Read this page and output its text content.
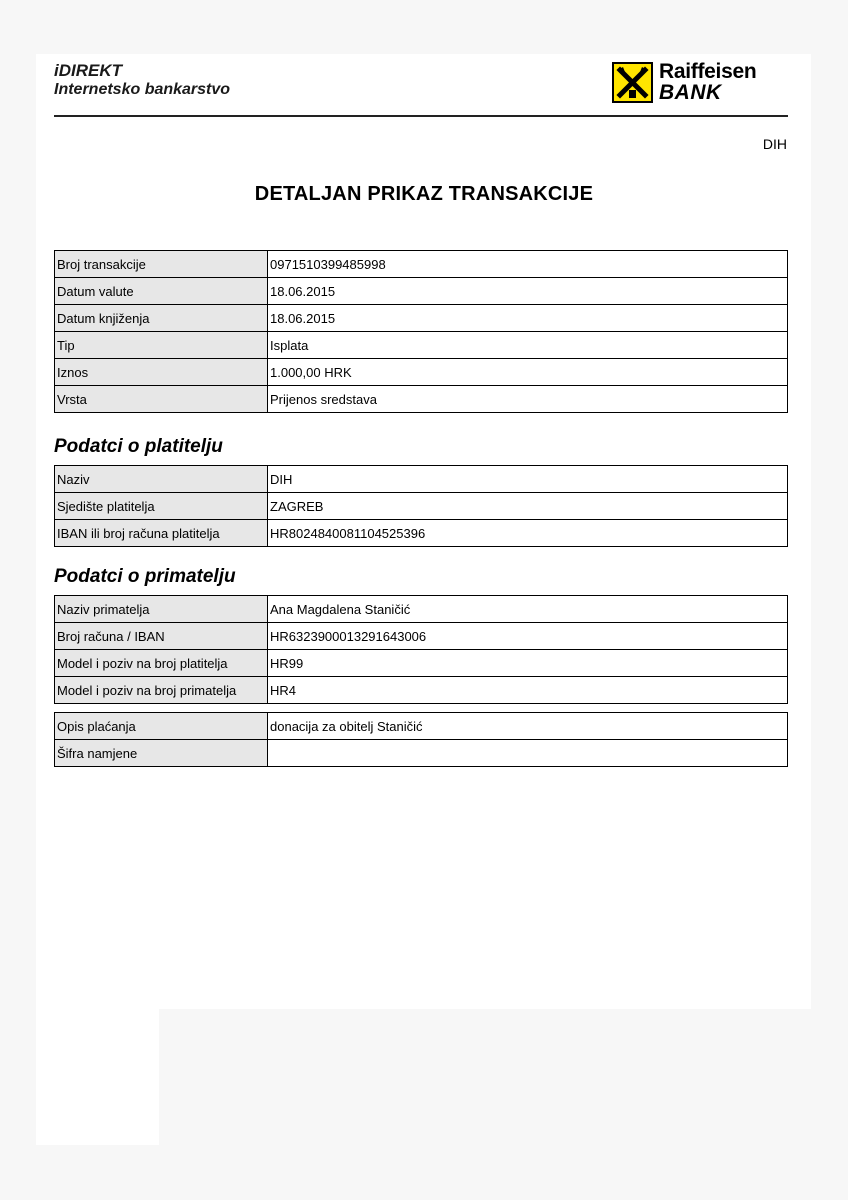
iDIREKT
Internetsko bankarstvo
Raiffeisen
BANK
DIH
DETALJAN PRIKAZ TRANSAKCIJE
Broj transakcije	0971510399485998
Datum valute	18.06.2015
Datum knjiženja	18.06.2015
Tip	Isplata
Iznos	1.000,00 HRK
Vrsta	Prijenos sredstava
Podatci o platitelju
Naziv	DIH
Sjedište platitelja	ZAGREB
IBAN ili broj računa platitelja	HR8024840081104525396
Podatci o primatelju
Naziv primatelja	Ana Magdalena Staničić
Broj računa / IBAN	HR6323900013291643006
Model i poziv na broj platitelja	HR99
Model i poziv na broj primatelja	HR4
Opis plaćanja	donacija za obitelj Staničić
Šifra namjene	
